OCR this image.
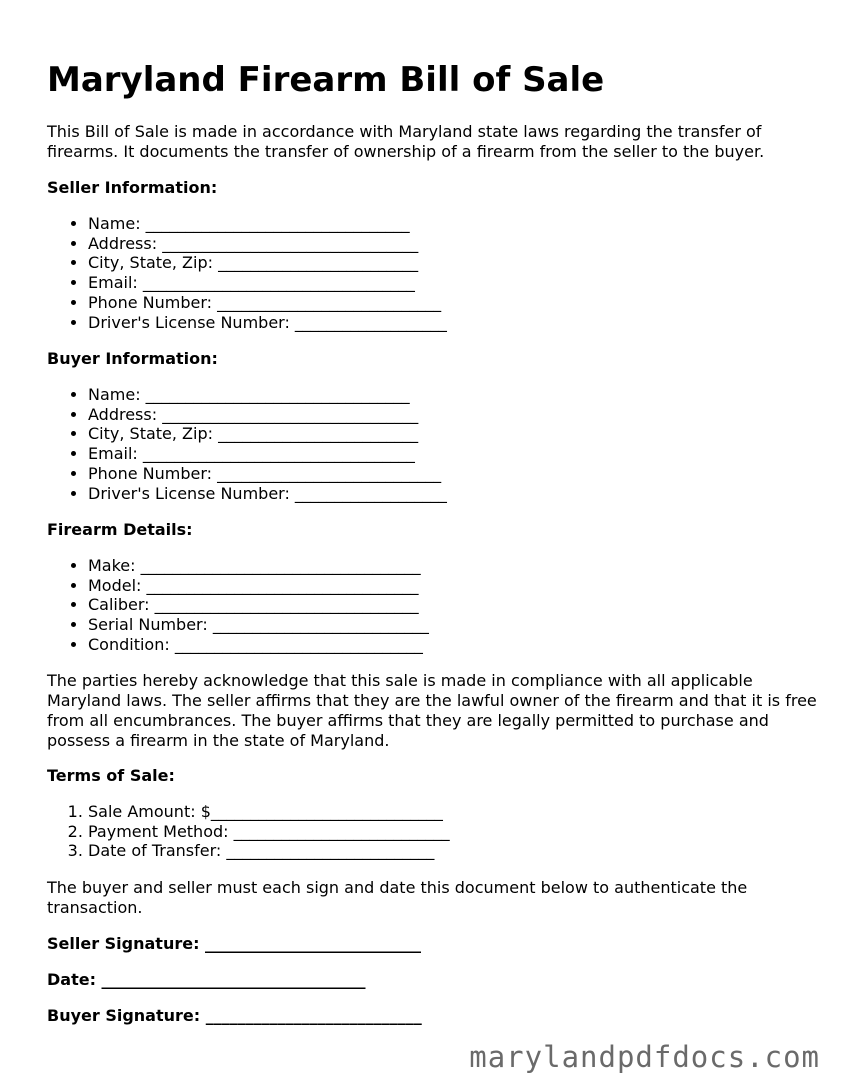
Maryland Firearm Bill of Sale

This Bill of Sale is made in accordance with Maryland state laws regarding the transfer of firearms. It documents the transfer of ownership of a firearm from the seller to the buyer.

Seller Information:
• Name: _________________________________
• Address: ________________________________
• City, State, Zip: _________________________
• Email: __________________________________
• Phone Number: ____________________________
• Driver's License Number: ___________________
Buyer Information:
• Name: _________________________________
• Address: ________________________________
• City, State, Zip: _________________________
• Email: __________________________________
• Phone Number: ____________________________
• Driver's License Number: ___________________
Firearm Details:
• Make: ___________________________________
• Model: __________________________________
• Caliber: _________________________________
• Serial Number: ___________________________
• Condition: _______________________________

The parties hereby acknowledge that this sale is made in compliance with all applicable Maryland laws. The seller affirms that they are the lawful owner of the firearm and that it is free from all encumbrances. The buyer affirms that they are legally permitted to purchase and possess a firearm in the state of Maryland.

Terms of Sale:
1. Sale Amount: $_____________________________
2. Payment Method: ___________________________
3. Date of Transfer: __________________________

The buyer and seller must each sign and date this document below to authenticate the transaction.

Seller Signature: ___________________________
Date: _________________________________
Buyer Signature: ___________________________
marylandpdfdocs.com
